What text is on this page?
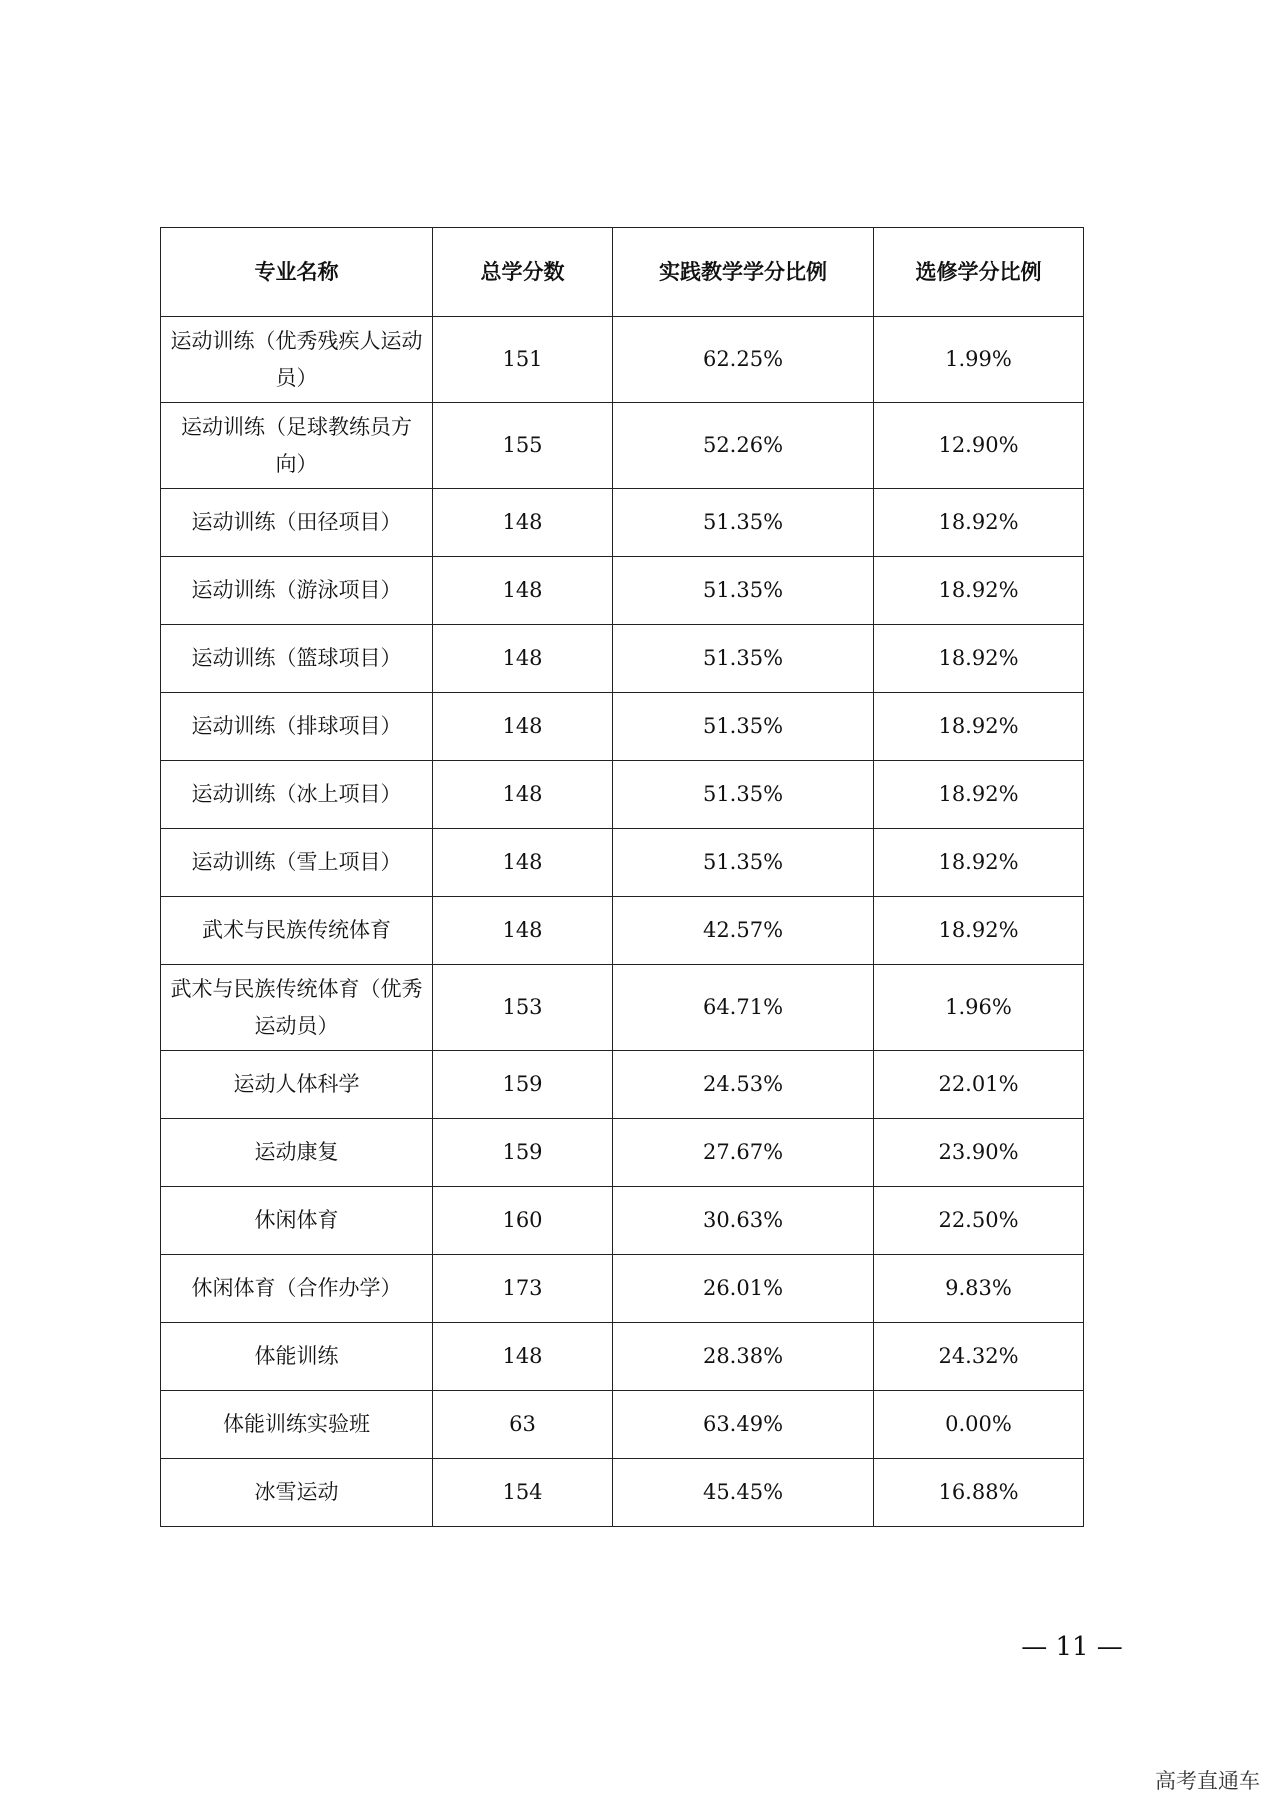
专业名称	总学分数	实践教学学分比例	选修学分比例
运动训练（优秀残疾人运动员）	151	62.25%	1.99%
运动训练（足球教练员方向）	155	52.26%	12.90%
运动训练（田径项目）	148	51.35%	18.92%
运动训练（游泳项目）	148	51.35%	18.92%
运动训练（篮球项目）	148	51.35%	18.92%
运动训练（排球项目）	148	51.35%	18.92%
运动训练（冰上项目）	148	51.35%	18.92%
运动训练（雪上项目）	148	51.35%	18.92%
武术与民族传统体育	148	42.57%	18.92%
武术与民族传统体育（优秀运动员）	153	64.71%	1.96%
运动人体科学	159	24.53%	22.01%
运动康复	159	27.67%	23.90%
休闲体育	160	30.63%	22.50%
休闲体育（合作办学）	173	26.01%	9.83%
体能训练	148	28.38%	24.32%
体能训练实验班	63	63.49%	0.00%
冰雪运动	154	45.45%	16.88%
— 11 —
高考直通车
